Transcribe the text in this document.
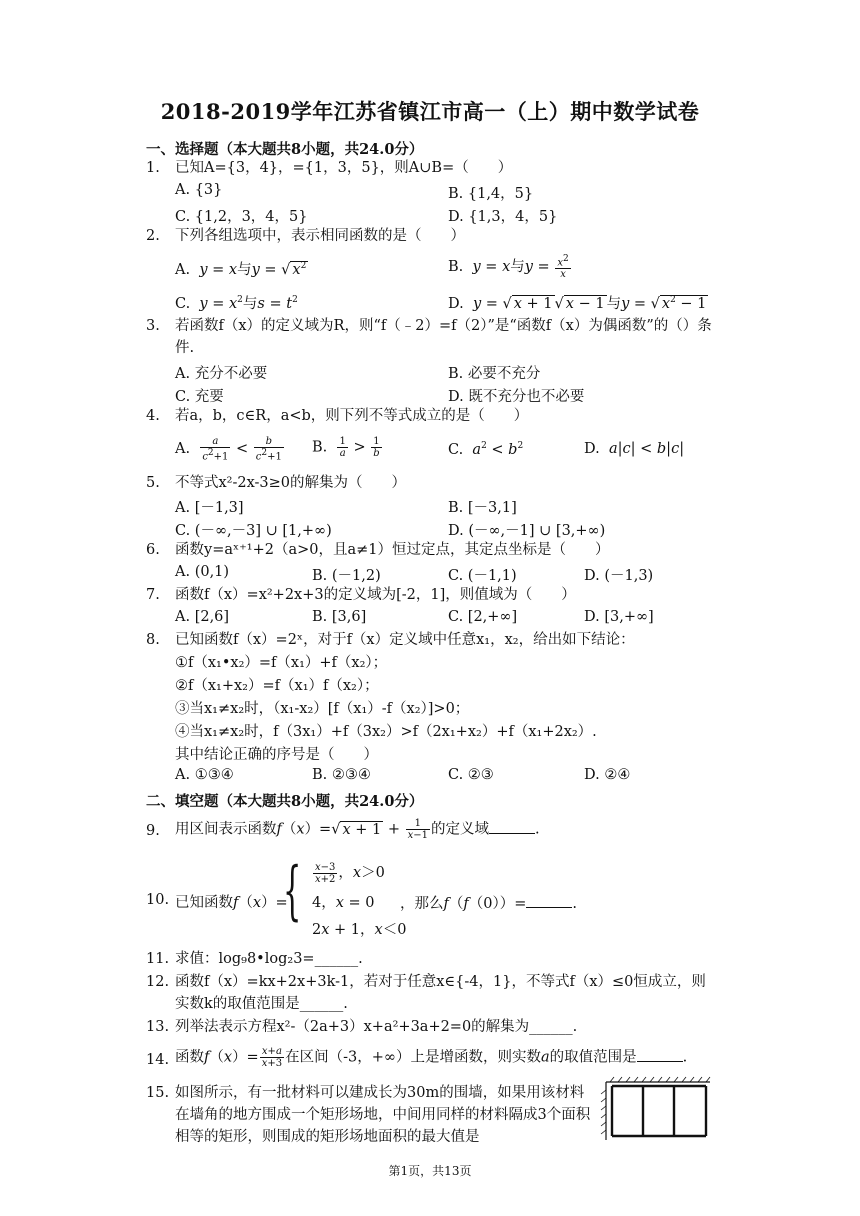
2018-2019学年江苏省镇江市高一（上）期中数学试卷
一、选择题（本大题共8小题，共24.0分）
1.	已知A={3，4}，={1，3，5}，则A∪B=（　　）
A. {3}	B. {1,4，5}
C. {1,2，3，4，5}	D. {1,3，4，5}
2.	下列各组选项中，表示相同函数的是（　　）
A.  y = x与y = √ $x^2$	B.  y = x与$y = \frac{x^2}{x}$
C.  $y = x^2$与$s = t^2$	D.  y = √ x + 1 √ x − 1 与y = √ $x^2 - 1$
3.	若函数f（x）的定义域为R，则“f（﹣2）=f（2）”是“函数f（x）为偶函数”的（）条件.
A. 充分不必要	B. 必要不充分
C. 充要	D. 既不充分也不必要
4.	若a，b，c∈R，a<b，则下列不等式成立的是（　　）
A. $\frac{a}{c^2+1} < \frac{b}{c^2+1} B$. $\frac{1}{a} > \frac{1}{b}$	C.  $a^2 < b^2$	D.  a|c| < b|c|
5.	不等式x²-2x-3≥0的解集为（　　）
A. [－1,3]	B. [－3,1]
C. (－∞,－3] ∪ [1,+∞)	D. (－∞,－1] ∪ [3,+∞)
6.	函数y=aˣ⁺¹+2（a>0，且a≠1）恒过定点，其定点坐标是（　　）
A. (0,1)	B. (－1,2)	C. (－1,1)	D. (－1,3)
7.	函数f（x）=x²+2x+3的定义域为[-2，1]，则值域为（　　）
A. [2,6]	B. [3,6]	C. [2,+∞]	D. [3,+∞]
8.	已知函数f（x）=2ˣ，对于f（x）定义域中任意x₁，x₂，给出如下结论：
①f（x₁•x₂）=f（x₁）+f（x₂）；
②f（x₁+x₂）=f（x₁）f（x₂）；
③当x₁≠x₂时，（x₁-x₂）[f（x₁）-f（x₂）]>0；
④当x₁≠x₂时，f（3x₁）+f（3x₂）>f（2x₁+x₂）+f（x₁+2x₂）.
其中结论正确的序号是（　　）
A. ①③④	B. ②③④	C. ②③	D. ②④
二、填空题（本大题共8小题，共24.0分）
9.	用区间表示函数f（x）=√ $x + 1 + \frac{1}{x-1}$ 的定义域	.
10. 已知函数f（x）=
{ $\frac{x-3}{x+2}$ ，x＞0
4，x = 0
2x + 1，x＜0
，那么f（f（0））=	.
11. 求值：log₉8•log₂3=______.
12. 函数f（x）=kx+2x+3k-1，若对于任意x∈{-4，1}，不等式f（x）≤0恒成立，则实数k的取值范围是______.
13. 列举法表示方程x²-（2a+3）x+a²+3a+2=0的解集为______.
14. 函数$f(x)= \frac{x+a}{x+3}$ 在区间（-3，+∞）上是增函数，则实数a的取值范围是	.
15. 如图所示，有一批材料可以建成长为30m的围墙，如果用该材料在墙角的地方围成一个矩形场地，中间用同样的材料隔成3个面积相等的矩形，则围成的矩形场地面积的最大值是
第1页，共13页
